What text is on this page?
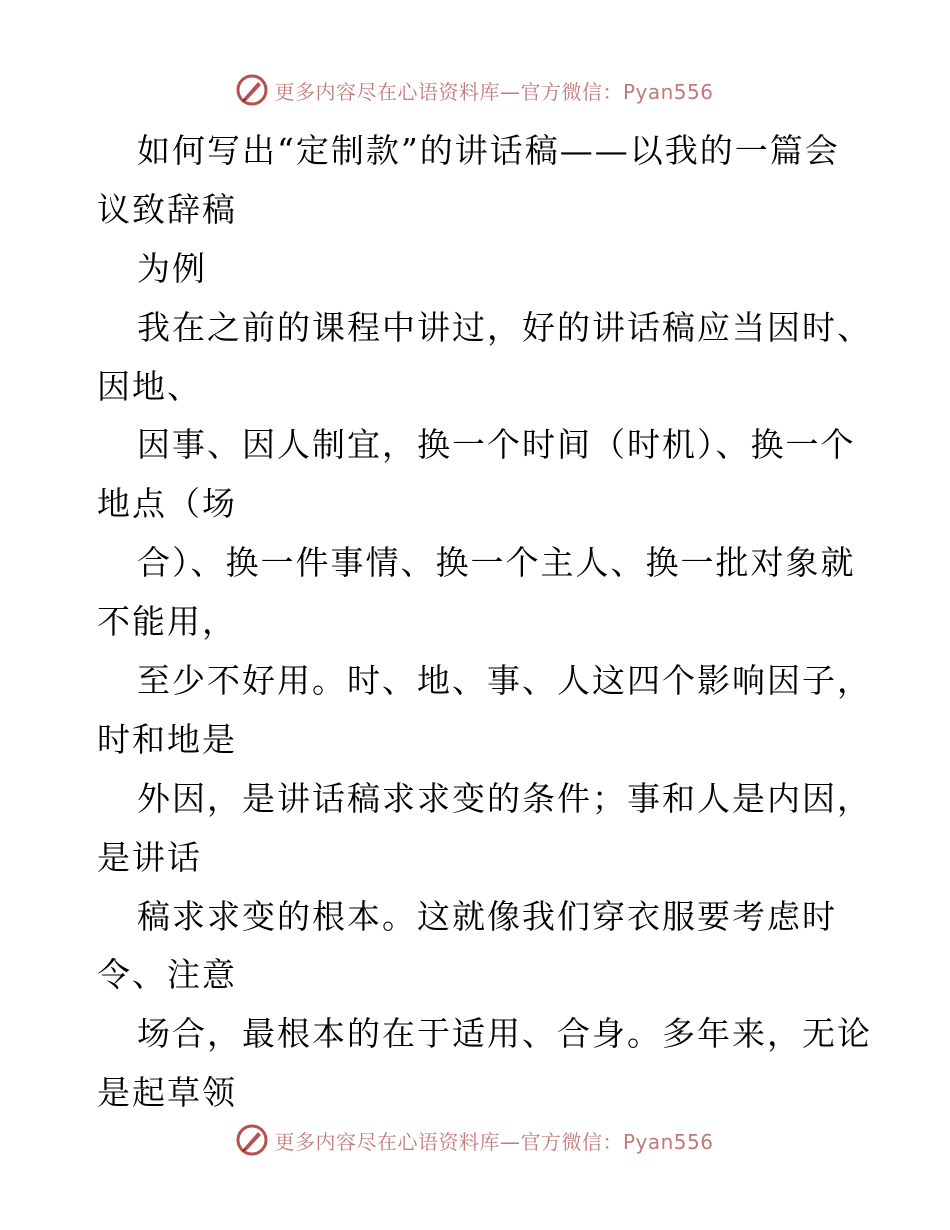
更多内容尽在心语资料库—官方微信：Pyan556
如何写出“定制款”的讲话稿——以我的一篇会
议致辞稿
为例
我在之前的课程中讲过，好的讲话稿应当因时、
因地、
因事、因人制宜，换一个时间（时机）、换一个
地点（场
合）、换一件事情、换一个主人、换一批对象就
不能用，
至少不好用。时、地、事、人这四个影响因子，
时和地是
外因，是讲话稿求求变的条件；事和人是内因，
是讲话
稿求求变的根本。这就像我们穿衣服要考虑时
令、注意
场合，最根本的在于适用、合身。多年来，无论
是起草领
更多内容尽在心语资料库—官方微信：Pyan556
